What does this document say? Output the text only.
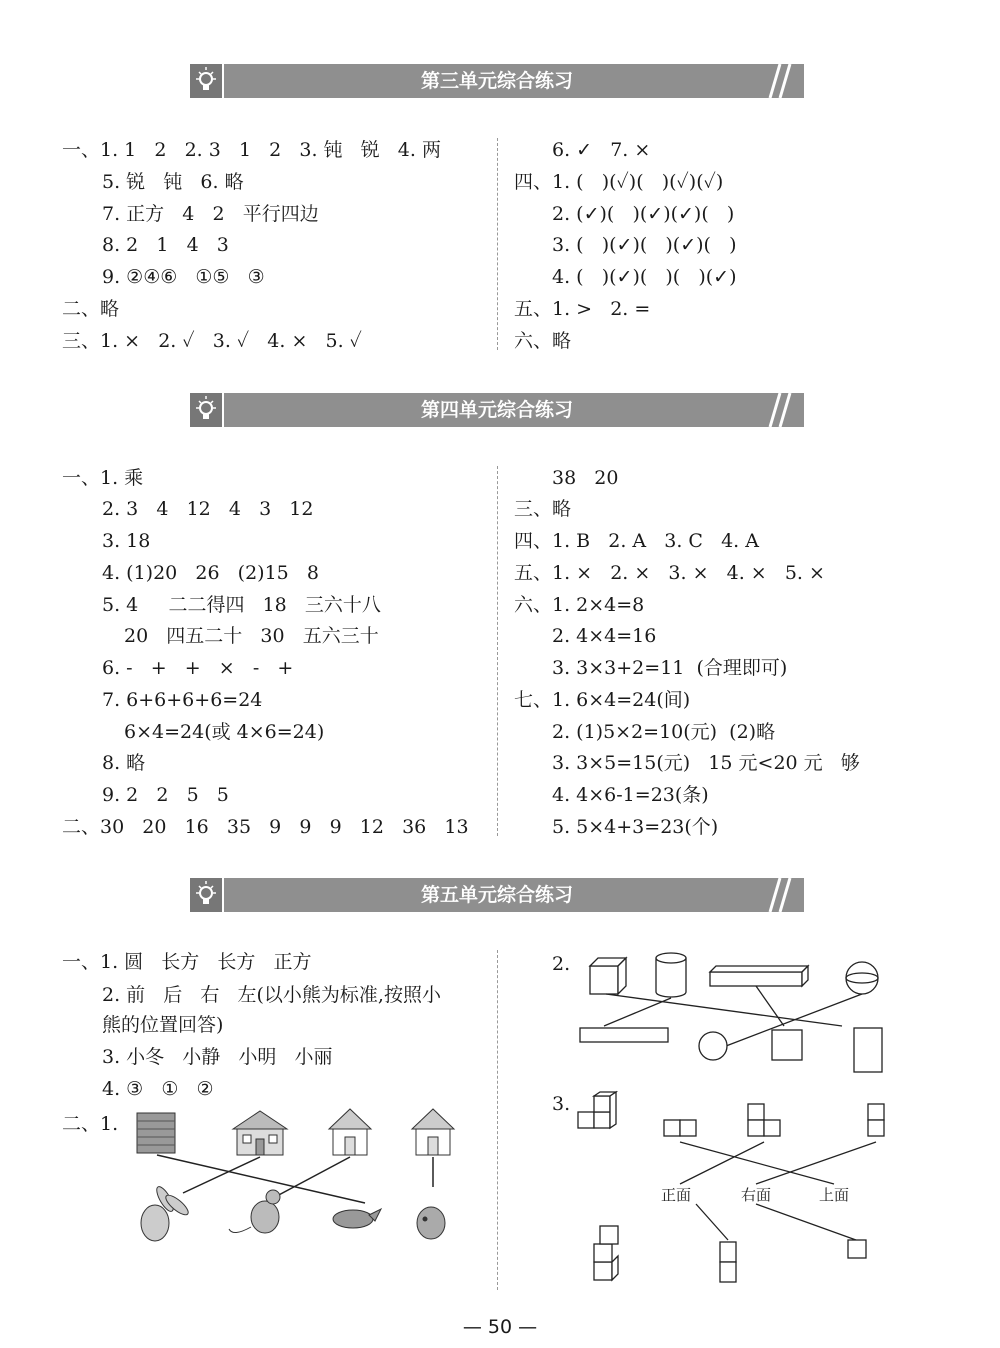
第三单元综合练习
一、1. 1   2   2. 3   1   2   3. 钝   锐   4. 两
5. 锐   钝   6. 略
7. 正方   4   2   平行四边
8. 2   1   4   3
9. ②④⑥   ①⑤   ③
二、略
三、1. ×   2. ✓   3. ✓   4. ×   5. ✓
6. ✓   7. ×
四、1. (   )(✓)(   )(✓)(✓)
2. (✓)(   )(✓)(✓)(   )
3. (   )(✓)(   )(✓)(   )
4. (   )(✓)(   )(   )(✓)
五、1. >   2. =
六、略
第四单元综合练习
一、1. 乘
2. 3   4   12   4   3   12
3. 18
4. (1)20   26   (2)15   8
5. 4     二二得四   18   三六十八
20   四五二十   30   五六三十
6. -   +   +   ×   -   +
7. 6+6+6+6=24
6×4=24(或 4×6=24)
8. 略
9. 2   2   5   5
二、30   20   16   35   9   9   9   12   36   13
38   20
三、略
四、1. B   2. A   3. C   4. A
五、1. ×   2. ×   3. ×   4. ×   5. ×
六、1. 2×4=8
2. 4×4=16
3. 3×3+2=11  (合理即可)
七、1. 6×4=24(间)
2. (1)5×2=10(元)  (2)略
3. 3×5=15(元)   15 元<20 元   够
4. 4×6-1=23(条)
5. 5×4+3=23(个)
第五单元综合练习
一、1. 圆   长方   长方   正方
2. 前   后   右   左(以小熊为标准,按照小
熊的位置回答)
3. 小冬   小静   小明   小丽
4. ③   ①   ②
二、1.
2.
3.
正面	右面	上面
— 50 —
